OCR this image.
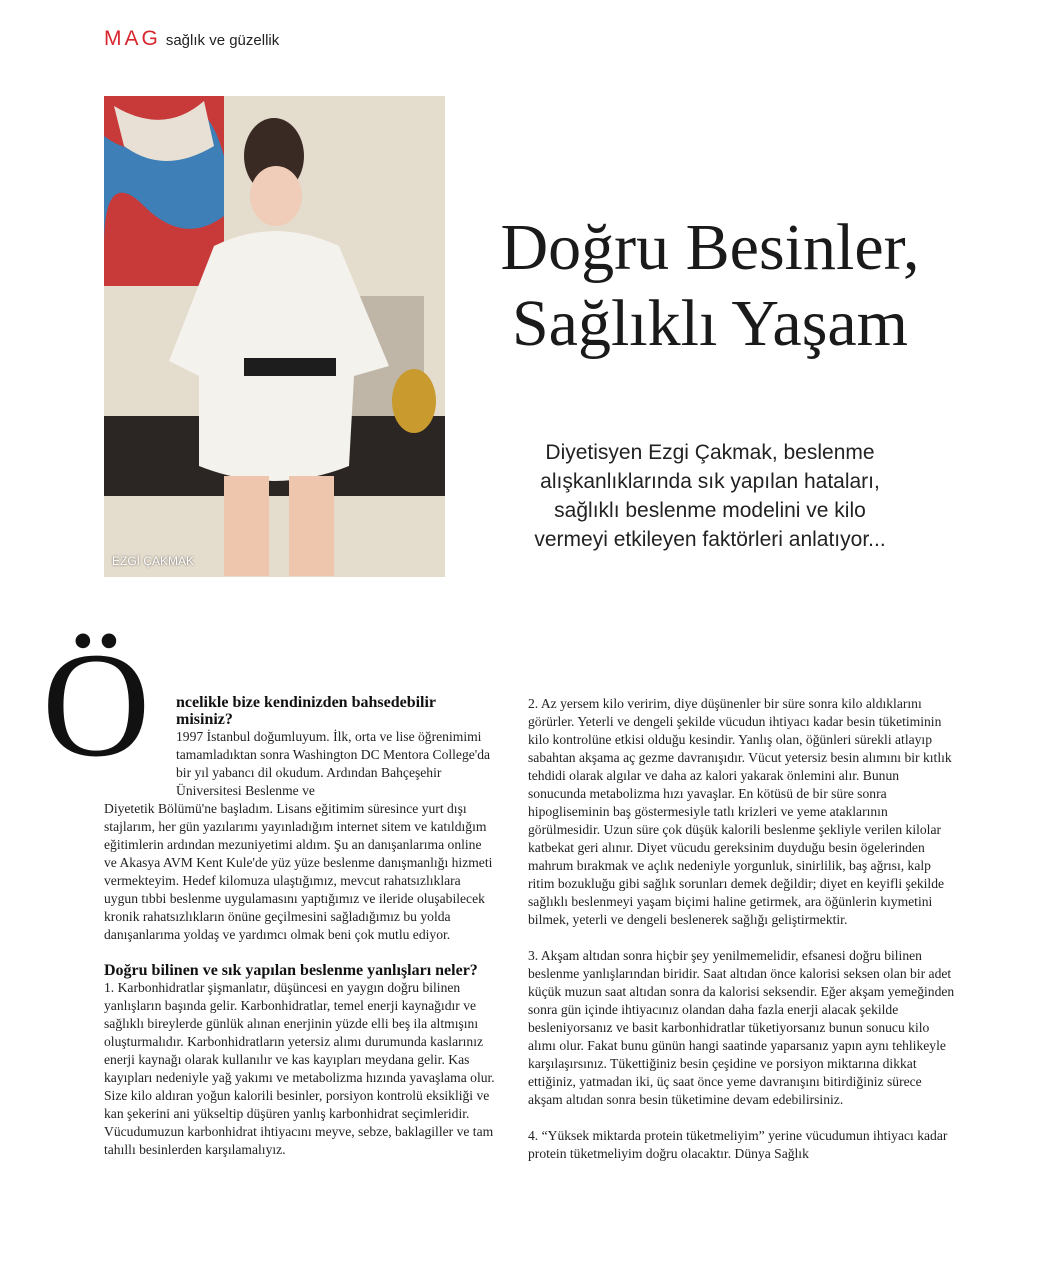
MAG sağlık ve güzellik
EZGİ ÇAKMAK
Doğru Besinler,
Sağlıklı Yaşam
Diyetisyen Ezgi Çakmak, beslenme alışkanlıklarında sık yapılan hataları, sağlıklı beslenme modelini ve kilo vermeyi etkileyen faktörleri anlatıyor...
Ö	ncelikle bize kendinizden bahsedebilir misiniz?

1997 İstanbul doğumluyum. İlk, orta ve lise öğrenimimi tamamladıktan sonra Washington DC Mentora College'da bir yıl yabancı dil okudum. Ardından Bahçeşehir Üniversitesi Beslenme ve

Diyetetik Bölümü'ne başladım. Lisans eğitimim süresince yurt dışı stajlarım, her gün yazılarımı yayınladığım internet sitem ve katıldığım eğitimlerin ardından mezuniyetimi aldım. Şu an danışanlarıma online ve Akasya AVM Kent Kule'de yüz yüze beslenme danışmanlığı hizmeti vermekteyim. Hedef kilomuza ulaştığımız, mevcut rahatsızlıklara uygun tıbbi beslenme uygulamasını yaptığımız ve ileride oluşabilecek kronik rahatsızlıkların önüne geçilmesini sağladığımız bu yolda danışanlarıma yoldaş ve yardımcı olmak beni çok mutlu ediyor.

Doğru bilinen ve sık yapılan beslenme yanlışları neler?

1. Karbonhidratlar şişmanlatır, düşüncesi en yaygın doğru bilinen yanlışların başında gelir. Karbonhidratlar, temel enerji kaynağıdır ve sağlıklı bireylerde günlük alınan enerjinin yüzde elli beş ila altmışını oluşturmalıdır. Karbonhidratların yetersiz alımı durumunda kaslarınız enerji kaynağı olarak kullanılır ve kas kayıpları meydana gelir. Kas kayıpları nedeniyle yağ yakımı ve metabolizma hızında yavaşlama olur. Size kilo aldıran yoğun kalorili besinler, porsiyon kontrolü eksikliği ve kan şekerini ani yükseltip düşüren yanlış karbonhidrat seçimleridir. Vücudumuzun karbonhidrat ihtiyacını meyve, sebze, baklagiller ve tam tahıllı besinlerden karşılamalıyız.

2. Az yersem kilo veririm, diye düşünenler bir süre sonra kilo aldıklarını görürler. Yeterli ve dengeli şekilde vücudun ihtiyacı kadar besin tüketiminin kilo kontrolüne etkisi olduğu kesindir. Yanlış olan, öğünleri sürekli atlayıp sabahtan akşama aç gezme davranışıdır. Vücut yetersiz besin alımını bir kıtlık tehdidi olarak algılar ve daha az kalori yakarak önlemini alır. Bunun sonucunda metabolizma hızı yavaşlar. En kötüsü de bir süre sonra hipogliseminin baş göstermesiyle tatlı krizleri ve yeme ataklarının görülmesidir. Uzun süre çok düşük kalorili beslenme şekliyle verilen kilolar katbekat geri alınır. Diyet vücudu gereksinim duyduğu besin ögelerinden mahrum bırakmak ve açlık nedeniyle yorgunluk, sinirlilik, baş ağrısı, kalp ritim bozukluğu gibi sağlık sorunları demek değildir; diyet en keyifli şekilde sağlıklı beslenmeyi yaşam biçimi haline getirmek, ara öğünlerin kıymetini bilmek, yeterli ve dengeli beslenerek sağlığı geliştirmektir.

3. Akşam altıdan sonra hiçbir şey yenilmemelidir, efsanesi doğru bilinen beslenme yanlışlarından biridir. Saat altıdan önce kalorisi seksen olan bir adet küçük muzun saat altıdan sonra da kalorisi seksendir. Eğer akşam yemeğinden sonra gün içinde ihtiyacınız olandan daha fazla enerji alacak şekilde besleniyorsanız ve basit karbonhidratlar tüketiyorsanız bunun sonucu kilo alımı olur. Fakat bunu günün hangi saatinde yaparsanız yapın aynı tehlikeyle karşılaşırsınız. Tükettiğiniz besin çeşidine ve porsiyon miktarına dikkat ettiğiniz, yatmadan iki, üç saat önce yeme davranışını bitirdiğiniz sürece akşam altıdan sonra besin tüketimine devam edebilirsiniz.

4. “Yüksek miktarda protein tüketmeliyim” yerine vücudumun ihtiyacı kadar protein tüketmeliyim doğru olacaktır. Dünya Sağlık
